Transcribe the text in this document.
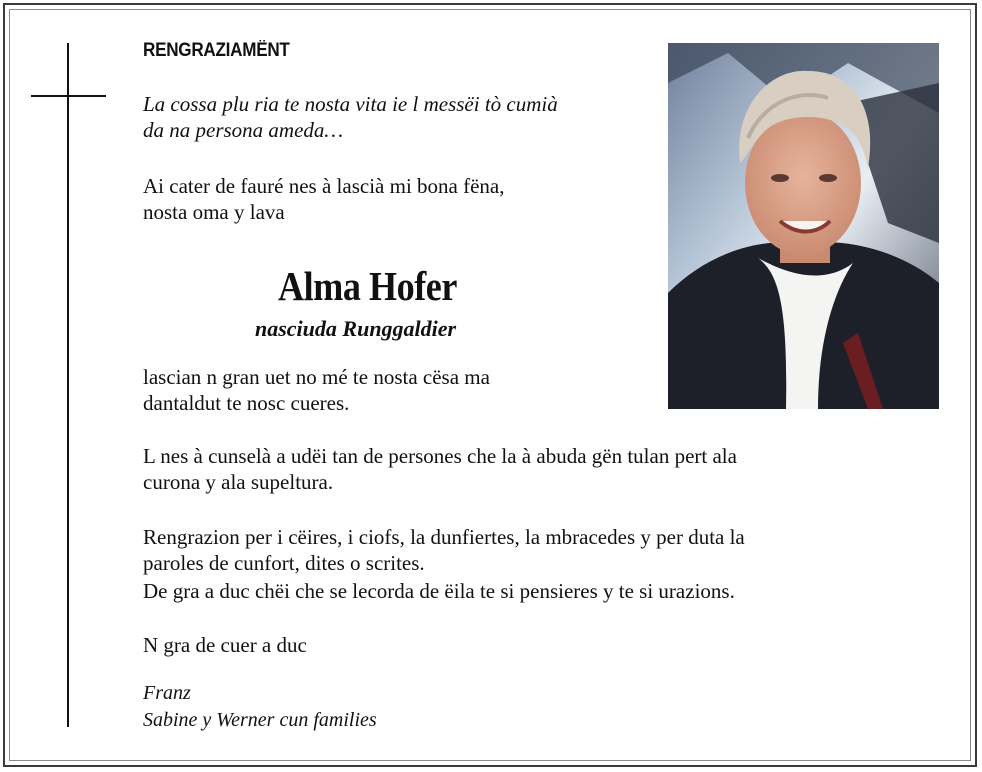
RENGRAZIAMËNT
La cossa plu ria te nosta vita ie l messëi tò cumià
da na persona ameda…
Ai cater de fauré nes à lascià mi bona fëna,
nosta oma y lava
Alma Hofer
nasciuda Runggaldier
lascian n gran uet no mé te nosta cësa ma
dantaldut te nosc cueres.
L nes à cunselà a udëi tan de persones che la à abuda gën tulan pert ala
curona y ala supeltura.
Rengrazion per i cëires, i ciofs, la dunfiertes, la mbracedes y per duta la
paroles de cunfort, dites o scrites.
De gra a duc chëi che se lecorda de ëila te si pensieres y te si urazions.
N gra de cuer a duc
Franz
Sabine y Werner cun families
